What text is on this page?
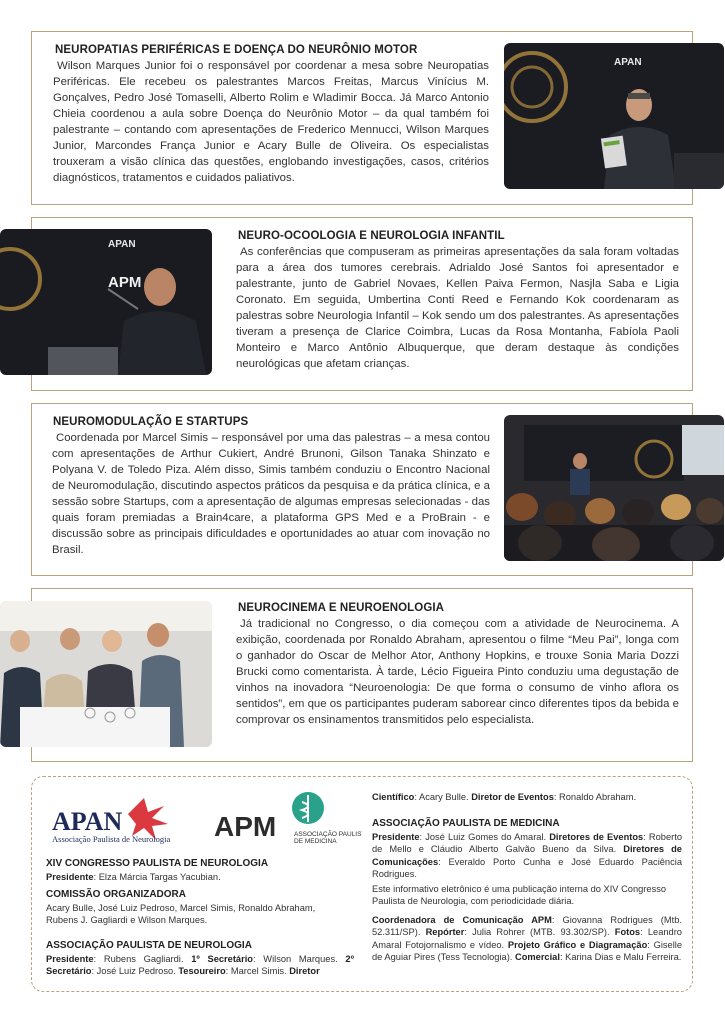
NEUROPATIAS PERIFÉRICAS E DOENÇA DO NEURÔNIO MOTOR
Wilson Marques Junior foi o responsável por coordenar a mesa sobre Neuropatias Periféricas. Ele recebeu os palestrantes Marcos Freitas, Marcus Vinícius M. Gonçalves, Pedro José Tomaselli, Alberto Rolim e Wladimir Bocca. Já Marco Antonio Chieia coordenou a aula sobre Doença do Neurônio Motor – da qual também foi palestrante – contando com apresentações de Frederico Mennucci, Wilson Marques Junior, Marcondes França Junior e Acary Bulle de Oliveira. Os especialistas trouxeram a visão clínica das questões, englobando investigações, casos, critérios diagnósticos, tratamentos e cuidados paliativos.
APAN
APAN
APM
NEURO-OCOOLOGIA E NEUROLOGIA INFANTIL
As conferências que compuseram as primeiras apresentações da sala foram voltadas para a área dos tumores cerebrais. Adrialdo José Santos foi apresentador e palestrante, junto de Gabriel Novaes, Kellen Paiva Fermon, Nasjla Saba e Ligia Coronato. Em seguida, Umbertina Conti Reed e Fernando Kok coordenaram as palestras sobre Neurologia Infantil – Kok sendo um dos palestrantes. As apresentações tiveram a presença de Clarice Coimbra, Lucas da Rosa Montanha, Fabíola Paoli Monteiro e Marco Antônio Albuquerque, que deram destaque às condições neurológicas que afetam crianças.
NEUROMODULAÇÃO E STARTUPS
Coordenada por Marcel Simis – responsável por uma das palestras – a mesa contou com apresentações de Arthur Cukiert, André Brunoni, Gilson Tanaka Shinzato e Polyana V. de Toledo Piza. Além disso, Simis também conduziu o Encontro Nacional de Neuromodulação, discutindo aspectos práticos da pesquisa e da prática clínica, e a sessão sobre Startups, com a apresentação de algumas empresas selecionadas - das quais foram premiadas a Brain4care, a plataforma GPS Med e a ProBrain - e discussão sobre as principais dificuldades e oportunidades ao atuar com inovação no Brasil.
NEUROCINEMA E NEUROENOLOGIA
Já tradicional no Congresso, o dia começou com a atividade de Neurocinema. A exibição, coordenada por Ronaldo Abraham, apresentou o filme “Meu Pai”, longa com o ganhador do Oscar de Melhor Ator, Anthony Hopkins, e trouxe Sonia Maria Dozzi Brucki como comentarista. À tarde, Lécio Figueira Pinto conduziu uma degustação de vinhos na inovadora “Neuroenologia: De que forma o consumo de vinho aflora os sentidos”, em que os participantes puderam saborear cinco diferentes tipos da bebida e comprovar os ensinamentos transmitidos pelo especialista.
APAN
Associação Paulista de Neurologia APM	ASSOCIAÇÃO PAULISTA
DE MEDICINA
XIV CONGRESSO PAULISTA DE NEUROLOGIA
Presidente: Elza Márcia Targas Yacubian.
COMISSÃO ORGANIZADORA
Acary Bulle, José Luiz Pedroso, Marcel Simis, Ronaldo Abraham, Rubens J. Gagliardi e Wilson Marques.
ASSOCIAÇÃO PAULISTA DE NEUROLOGIA
Presidente: Rubens Gagliardi. 1º Secretário: Wilson Marques. 2º Secretário: José Luiz Pedroso. Tesoureiro: Marcel Simis. Diretor
Científico: Acary Bulle. Diretor de Eventos: Ronaldo Abraham.
ASSOCIAÇÃO PAULISTA DE MEDICINA
Presidente: José Luiz Gomes do Amaral. Diretores de Eventos: Roberto de Mello e Cláudio Alberto Galvão Bueno da Silva. Diretores de Comunicações: Everaldo Porto Cunha e José Eduardo Paciência Rodrigues.
Este informativo eletrônico é uma publicação interna do XIV Congresso Paulista de Neurologia, com periodicidade diária.
Coordenadora de Comunicação APM: Giovanna Rodrigues (Mtb. 52.311/SP). Repórter: Julia Rohrer (MTB. 93.302/SP). Fotos: Leandro Amaral Fotojornalismo e vídeo. Projeto Gráfico e Diagramação: Giselle de Aguiar Pires (Tess Tecnologia). Comercial: Karina Dias e Malu Ferreira.
